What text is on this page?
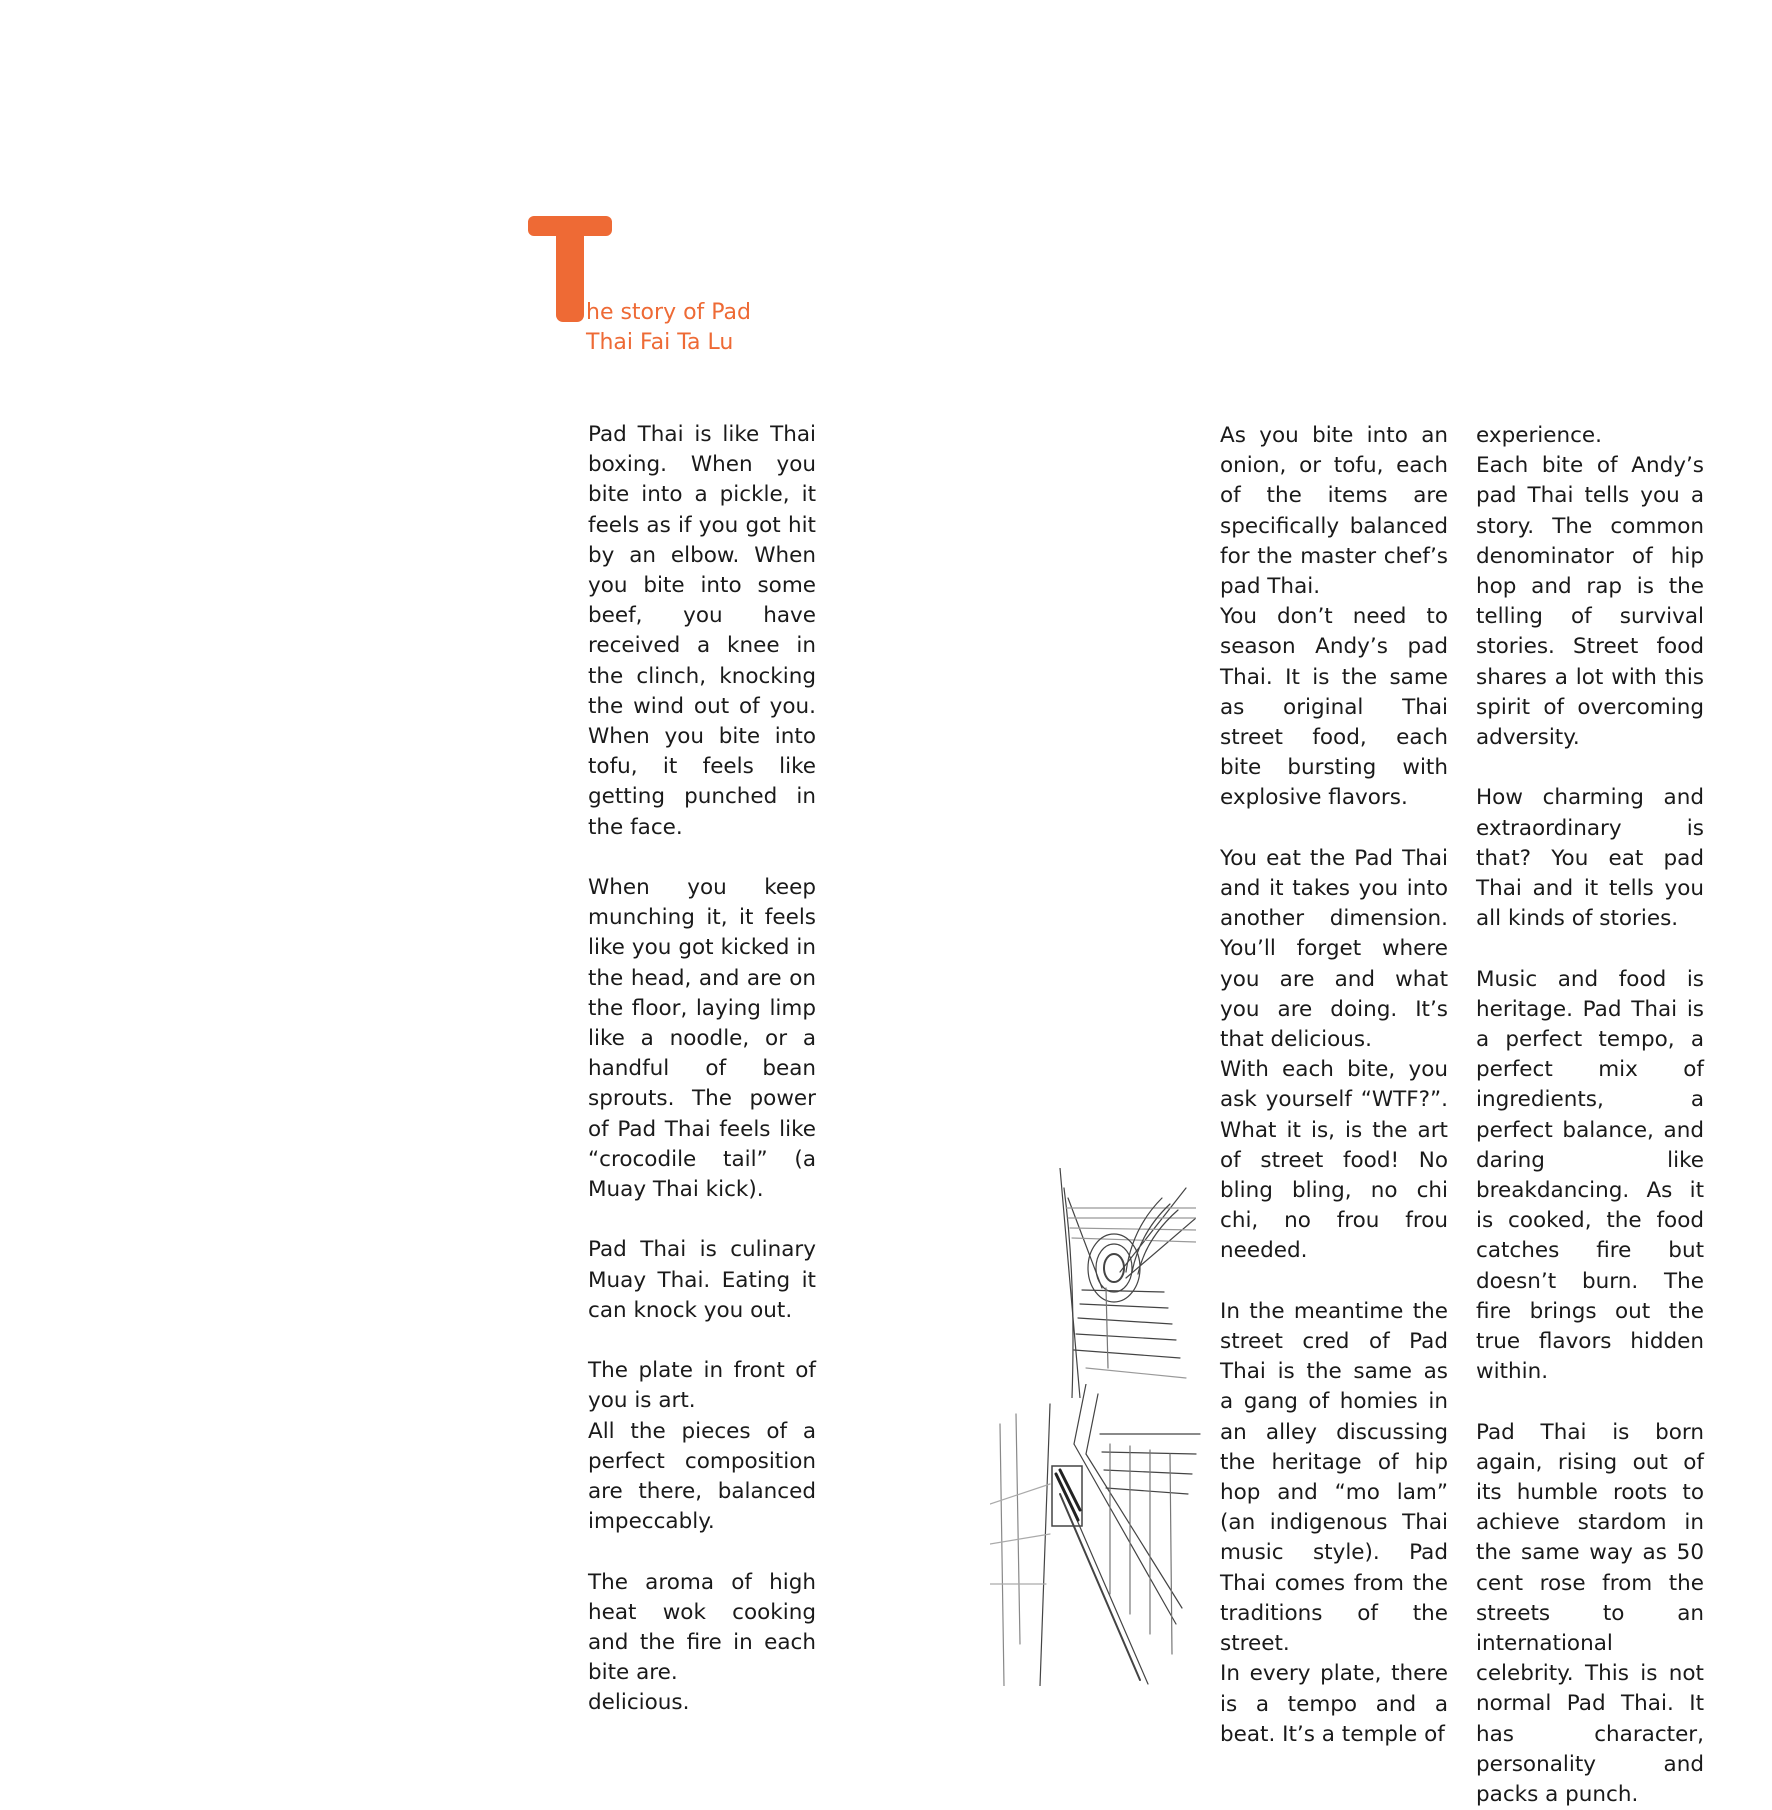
he story of Pad
Thai Fai Ta Lu

Pad Thai is like Thai boxing. When you bite into a pickle, it feels as if you got hit by an elbow. When you bite into some beef, you have received a knee in the clinch, knocking the wind out of you. When you bite into tofu, it feels like getting punched in the face.

When you keep munching it, it feels like you got kicked in the head, and are on the floor, laying limp like a noodle, or a handful of bean sprouts. The power of Pad Thai feels like “crocodile tail” (a Muay Thai kick).

Pad Thai is culinary Muay Thai. Eating it can knock you out.

The plate in front of you is art.

All the pieces of a perfect composition are there, balanced impeccably.

The aroma of high heat wok cooking and the fire in each bite are.

delicious.

As you bite into an onion, or tofu, each of the items are specifically balanced for the master chef’s pad Thai.

You don’t need to season Andy’s pad Thai. It is the same as original Thai street food, each bite bursting with explosive flavors.

You eat the Pad Thai and it takes you into another dimension. You’ll forget where you are and what you are doing. It’s that delicious.

With each bite, you ask yourself “WTF?”. What it is, is the art of street food! No bling bling, no chi chi, no frou frou needed.

In the meantime the street cred of Pad Thai is the same as a gang of homies in an alley discussing the heritage of hip hop and “mo lam” (an indigenous Thai music style). Pad Thai comes from the traditions of the street.

In every plate, there is a tempo and a beat. It’s a temple of

experience.

Each bite of Andy’s pad Thai tells you a story. The common denominator of hip hop and rap is the telling of survival stories. Street food shares a lot with this spirit of overcoming adversity.

How charming and extraordinary is that? You eat pad Thai and it tells you all kinds of stories.

Music and food is heritage. Pad Thai is a perfect tempo, a perfect mix of ingredients, a perfect balance, and daring like breakdancing. As it is cooked, the food catches fire but doesn’t burn. The fire brings out the true flavors hidden within.

Pad Thai is born again, rising out of its humble roots to achieve stardom in the same way as 50 cent rose from the streets to an international celebrity. This is not normal Pad Thai. It has character, personality and packs a punch.
